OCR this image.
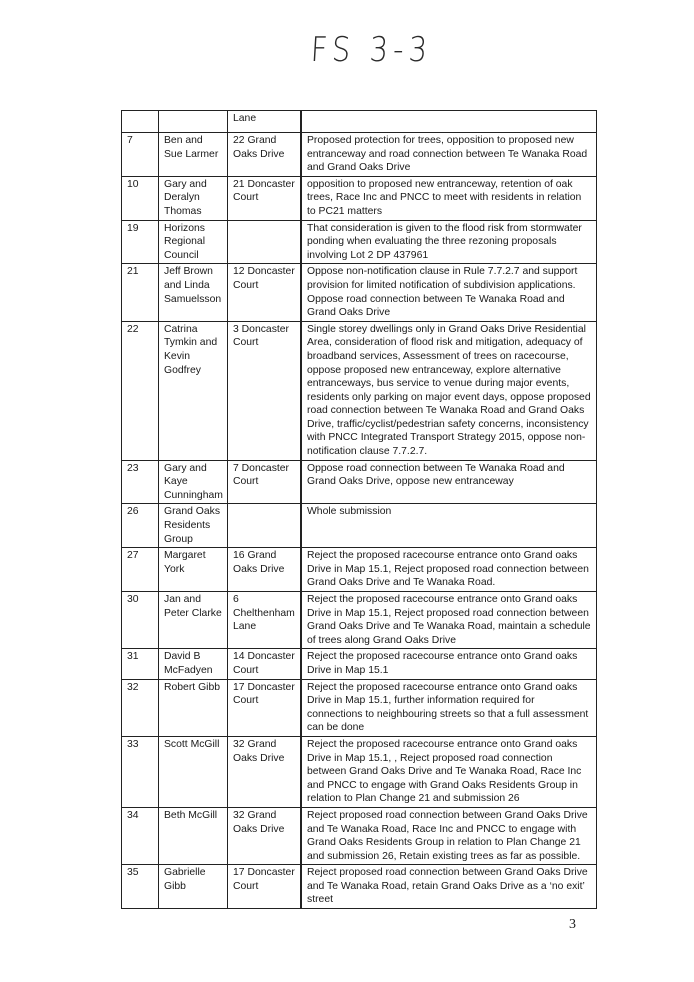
FS 3-3
		Lane		
7	Ben and Sue Larmer	22 Grand Oaks Drive		Proposed protection for trees, opposition to proposed new entranceway and road connection between Te Wanaka Road and Grand Oaks Drive
10	Gary and Deralyn Thomas	21 Doncaster Court		opposition to proposed new entranceway, retention of oak trees, Race Inc and PNCC to meet with residents in relation to PC21 matters
19	Horizons Regional Council			That consideration is given to the flood risk from stormwater ponding when evaluating the three rezoning proposals involving Lot 2 DP 437961
21	Jeff Brown and Linda Samuelsson	12 Doncaster Court		Oppose non-notification clause in Rule 7.7.2.7 and support provision for limited notification of subdivision applications. Oppose road connection between Te Wanaka Road and Grand Oaks Drive
22	Catrina Tymkin and Kevin Godfrey	3 Doncaster Court		Single storey dwellings only in Grand Oaks Drive Residential Area, consideration of flood risk and mitigation, adequacy of broadband services, Assessment of trees on racecourse, oppose proposed new entranceway, explore alternative entranceways, bus service to venue during major events, residents only parking on major event days, oppose proposed road connection between Te Wanaka Road and Grand Oaks Drive, traffic/cyclist/pedestrian safety concerns, inconsistency with PNCC Integrated Transport Strategy 2015, oppose non-notification clause 7.7.2.7.
23	Gary and Kaye Cunningham	7 Doncaster Court		Oppose road connection between Te Wanaka Road and Grand Oaks Drive, oppose new entranceway
26	Grand Oaks Residents Group			Whole submission
27	Margaret York	16 Grand Oaks Drive		Reject the proposed racecourse entrance onto Grand oaks Drive in Map 15.1, Reject proposed road connection between Grand Oaks Drive and Te Wanaka Road.
30	Jan and Peter Clarke	6 Chelthenham Lane		Reject the proposed racecourse entrance onto Grand oaks Drive in Map 15.1, Reject proposed road connection between Grand Oaks Drive and Te Wanaka Road, maintain a schedule of trees along Grand Oaks Drive
31	David B McFadyen	14 Doncaster Court		Reject the proposed racecourse entrance onto Grand oaks Drive in Map 15.1
32	Robert Gibb	17 Doncaster Court		Reject the proposed racecourse entrance onto Grand oaks Drive in Map 15.1, further information required for connections to neighbouring streets so that a full assessment can be done
33	Scott McGill	32 Grand Oaks Drive		Reject the proposed racecourse entrance onto Grand oaks Drive in Map 15.1, , Reject proposed road connection between Grand Oaks Drive and Te Wanaka Road, Race Inc and PNCC to engage with Grand Oaks Residents Group in relation to Plan Change 21 and submission 26
34	Beth McGill	32 Grand Oaks Drive		Reject proposed road connection between Grand Oaks Drive and Te Wanaka Road, Race Inc and PNCC to engage with Grand Oaks Residents Group in relation to Plan Change 21 and submission 26, Retain existing trees as far as possible.
35	Gabrielle Gibb	17 Doncaster Court		Reject proposed road connection between Grand Oaks Drive and Te Wanaka Road, retain Grand Oaks Drive as a ‘no exit’ street
3
